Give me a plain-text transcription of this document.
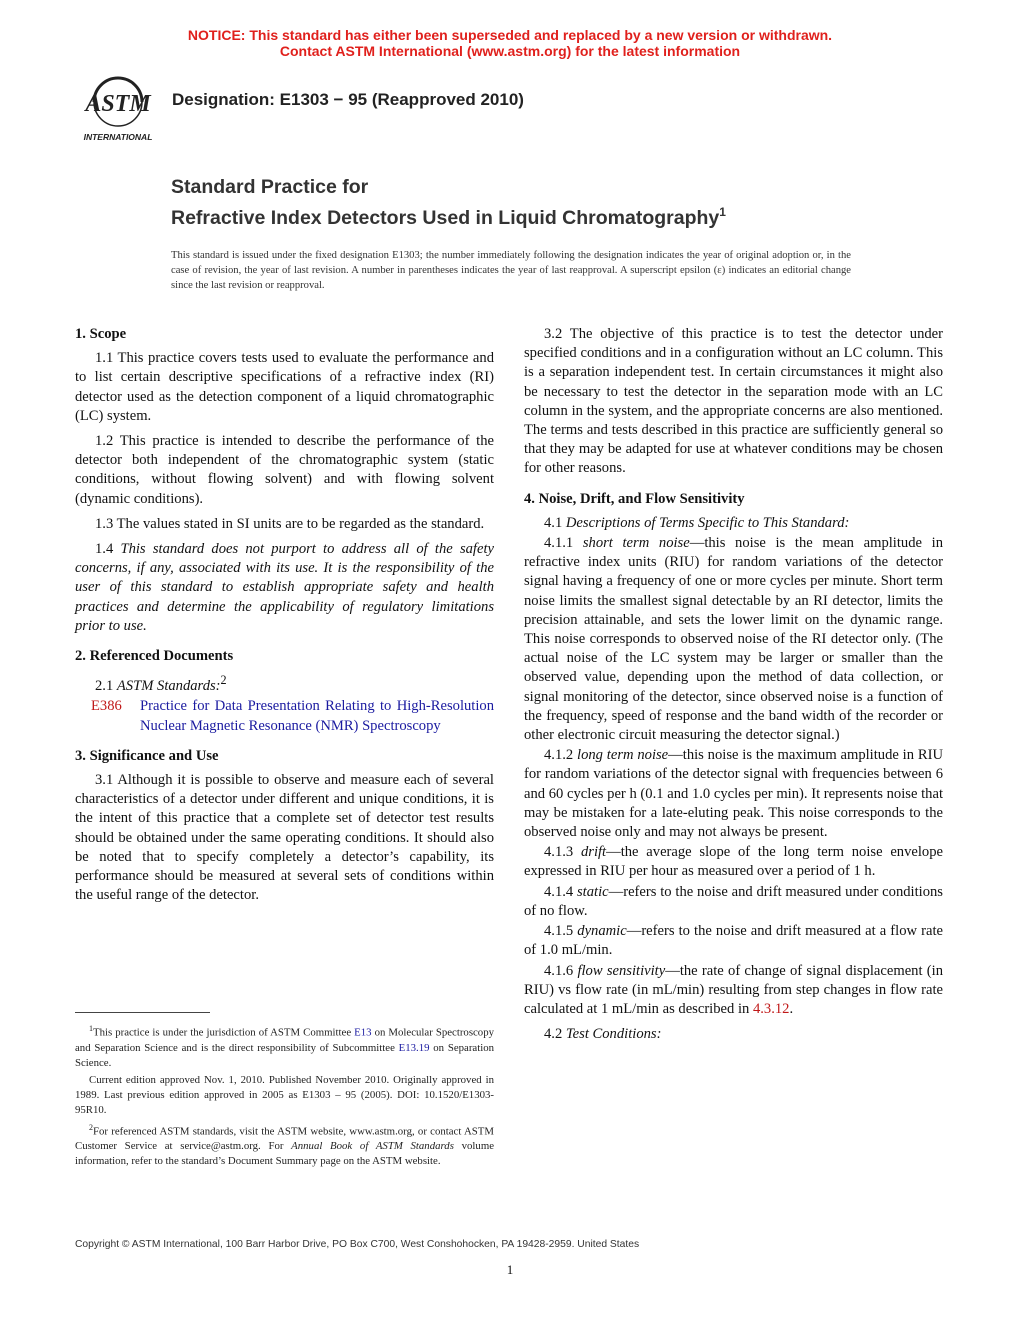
NOTICE: This standard has either been superseded and replaced by a new version or withdrawn.
Contact ASTM International (www.astm.org) for the latest information
ASTM
INTERNATIONAL
Designation: E1303 − 95 (Reapproved 2010)
Standard Practice for
Refractive Index Detectors Used in Liquid Chromatography$^1$
This standard is issued under the fixed designation E1303; the number immediately following the designation indicates the year of original adoption or, in the case of revision, the year of last revision. A number in parentheses indicates the year of last reapproval. A superscript epsilon (ε) indicates an editorial change since the last revision or reapproval.
1. Scope

1.1 This practice covers tests used to evaluate the performance and to list certain descriptive specifications of a refractive index (RI) detector used as the detection component of a liquid chromatographic (LC) system.

1.2 This practice is intended to describe the performance of the detector both independent of the chromatographic system (static conditions, without flowing solvent) and with flowing solvent (dynamic conditions).

1.3 The values stated in SI units are to be regarded as the standard.

1.4 This standard does not purport to address all of the safety concerns, if any, associated with its use. It is the responsibility of the user of this standard to establish appropriate safety and health practices and determine the applicability of regulatory limitations prior to use.

2. Referenced Documents

2.1 ASTM Standards:$^2$

E386 Practice for Data Presentation Relating to High-Resolution Nuclear Magnetic Resonance (NMR) Spectroscopy

3. Significance and Use

3.1 Although it is possible to observe and measure each of several characteristics of a detector under different and unique conditions, it is the intent of this practice that a complete set of detector test results should be obtained under the same operating conditions. It should also be noted that to specify completely a detector’s capability, its performance should be measured at several sets of conditions within the useful range of the detector.

3.2 The objective of this practice is to test the detector under specified conditions and in a configuration without an LC column. This is a separation independent test. In certain circumstances it might also be necessary to test the detector in the separation mode with an LC column in the system, and the appropriate concerns are also mentioned. The terms and tests described in this practice are sufficiently general so that they may be adapted for use at whatever conditions may be chosen for other reasons.

4. Noise, Drift, and Flow Sensitivity

4.1 Descriptions of Terms Specific to This Standard:

4.1.1 short term noise—this noise is the mean amplitude in refractive index units (RIU) for random variations of the detector signal having a frequency of one or more cycles per minute. Short term noise limits the smallest signal detectable by an RI detector, limits the precision attainable, and sets the lower limit on the dynamic range. This noise corresponds to observed noise of the RI detector only. (The actual noise of the LC system may be larger or smaller than the observed value, depending upon the method of data collection, or signal monitoring of the detector, since observed noise is a function of the frequency, speed of response and the band width of the recorder or other electronic circuit measuring the detector signal.)

4.1.2 long term noise—this noise is the maximum amplitude in RIU for random variations of the detector signal with frequencies between 6 and 60 cycles per h (0.1 and 1.0 cycles per min). It represents noise that may be mistaken for a late-eluting peak. This noise corresponds to the observed noise only and may not always be present.

4.1.3 drift—the average slope of the long term noise envelope expressed in RIU per hour as measured over a period of 1 h.

4.1.4 static—refers to the noise and drift measured under conditions of no flow.

4.1.5 dynamic—refers to the noise and drift measured at a flow rate of 1.0 mL/min.

4.1.6 flow sensitivity—the rate of change of signal displacement (in RIU) vs flow rate (in mL/min) resulting from step changes in flow rate calculated at 1 mL/min as described in 4.3.12.

4.2 Test Conditions:

$^1$This practice is under the jurisdiction of ASTM Committee E13 on Molecular Spectroscopy and Separation Science and is the direct responsibility of Subcommittee E13.19 on Separation Science.

Current edition approved Nov. 1, 2010. Published November 2010. Originally approved in 1989. Last previous edition approved in 2005 as E1303 – 95 (2005). DOI: 10.1520/E1303-95R10.

$^2$For referenced ASTM standards, visit the ASTM website, www.astm.org, or contact ASTM Customer Service at service@astm.org. For Annual Book of ASTM Standards volume information, refer to the standard’s Document Summary page on the ASTM website.

Copyright © ASTM International, 100 Barr Harbor Drive, PO Box C700, West Conshohocken, PA 19428-2959. United States
1
